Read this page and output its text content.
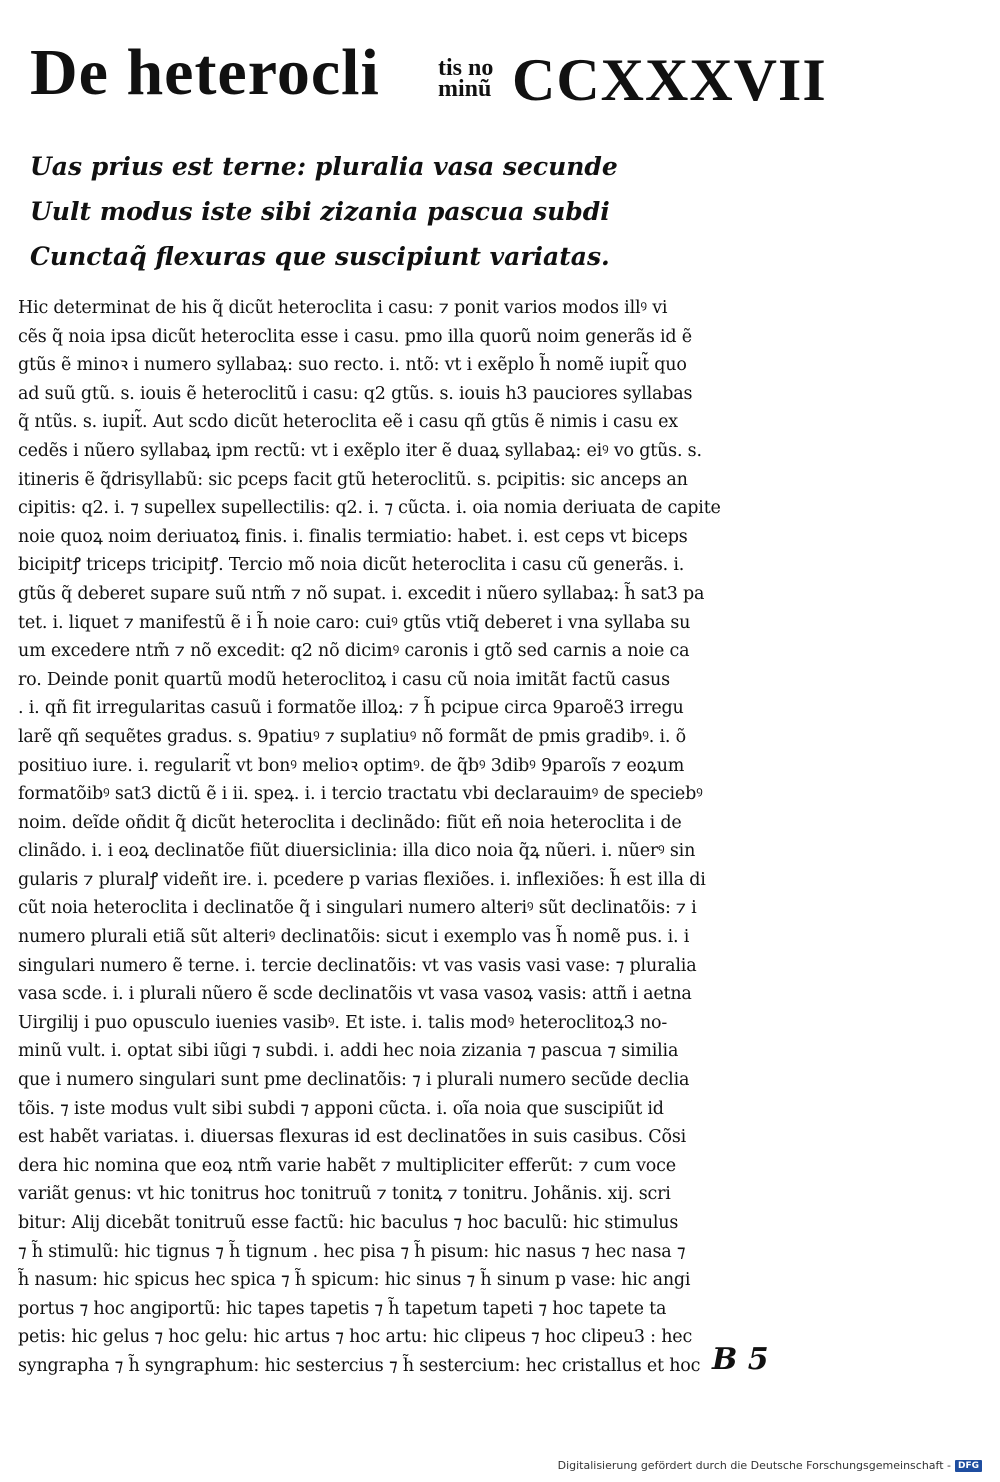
De heterocli tis no
minũ CCXXXVII
Uas prius est terne: pluralia vasa secunde
Uult modus iste sibi zizania pascua subdi
Cunctaq̃ flexuras que suscipiunt variatas.
Hic determinat de his q̃ dicũt heteroclita i casu: ⁊ ponit varios modos illꝰ vi
cẽs q̃ noia ipsa dicũt heteroclita esse i casu. pmo illa quorũ noim generãs id ẽ
gtũs ẽ minoꝛ i numero syllabaꝝ: suo recto. i. ntõ: vt i exẽplo h̃ nomẽ iupit̃ quo
ad suũ gtũ. s. iouis ẽ heteroclitũ i casu: q2 gtũs. s. iouis h3 pauciores syllabas
q̃ ntũs. s. iupit̃. Aut scdo dicũt heteroclita eẽ i casu qñ gtũs ẽ nimis i casu ex
cedẽs i nũero syllabaꝝ ipm rectũ: vt i exẽplo iter ẽ duaꝝ syllabaꝝ: eiꝰ vo gtũs. s.
itineris ẽ q̃drisyllabũ: sic pceps facit gtũ heteroclitũ. s. pcipitis: sic anceps an
cipitis: q2. i. ⁊ supellex supellectilis: q2. i. ⁊ cũcta. i. oia nomia deriuata de capite
noie quoꝝ noim deriuatoꝝ finis. i. finalis termiatio: habet. i. est ceps vt biceps
bicipitꝭ triceps tricipitꝭ. Tercio mõ noia dicũt heteroclita i casu cũ generãs. i.
gtũs q̃ deberet supare suũ ntm̃ ⁊ nõ supat. i. excedit i nũero syllabaꝝ: h̃ sat3 pa
tet. i. liquet ⁊ manifestũ ẽ i h̃ noie caro: cuiꝰ gtũs vtiq̃ deberet i vna syllaba su
um excedere ntm̃ ⁊ nõ excedit: q2 nõ dicimꝰ caronis i gtõ sed carnis a noie ca
ro. Deinde ponit quartũ modũ heteroclitoꝝ i casu cũ noia imitãt factũ casus
. i. qñ fit irregularitas casuũ i formatõe illoꝝ: ⁊ h̃ pcipue circa 9paroẽ3 irregu
larẽ qñ sequẽtes gradus. s. 9patiuꝰ ⁊ suplatiuꝰ nõ formãt de pmis gradibꝰ. i. õ
positiuo iure. i. regularit̃ vt bonꝰ melioꝛ optimꝰ. de q̃bꝰ 3dibꝰ 9paroĩs ⁊ eoꝝum
formatõibꝰ sat3 dictũ ẽ i ii. speꝝ. i. i tercio tractatu vbi declarauimꝰ de speciebꝰ
noim. deĩde oñdit q̃ dicũt heteroclita i declinãdo: fiũt eñ noia heteroclita i de
clinãdo. i. i eoꝝ declinatõe fiũt diuersiclinia: illa dico noia q̃ꝝ nũeri. i. nũerꝰ sin
gularis ⁊ pluralꝭ videñt ire. i. pcedere p varias flexiões. i. inflexiões: h̃ est illa di
cũt noia heteroclita i declinatõe q̃ i singulari numero alteriꝰ sũt declinatõis: ⁊ i
numero plurali etiã sũt alteriꝰ declinatõis: sicut i exemplo vas h̃ nomẽ pus. i. i
singulari numero ẽ terne. i. tercie declinatõis: vt vas vasis vasi vase: ⁊ pluralia
vasa scde. i. i plurali nũero ẽ scde declinatõis vt vasa vasoꝝ vasis: attñ i aetna
Uirgilij i puo opusculo iuenies vasibꝰ. Et iste. i. talis modꝰ heteroclitoꝝ3 no-
minũ vult. i. optat sibi iũgi ⁊ subdi. i. addi hec noia zizania ⁊ pascua ⁊ similia
que i numero singulari sunt pme declinatõis: ⁊ i plurali numero secũde declia
tõis. ⁊ iste modus vult sibi subdi ⁊ apponi cũcta. i. oĩa noia que suscipiũt id
est habẽt variatas. i. diuersas flexuras id est declinatões in suis casibus. Cõsi
dera hic nomina que eoꝝ ntm̃ varie habẽt ⁊ multipliciter efferũt: ⁊ cum voce
variãt genus: vt hic tonitrus hoc tonitruũ ⁊ tonitꝝ ⁊ tonitru. Johãnis. xij. scri
bitur: Alij dicebãt tonitruũ esse factũ: hic baculus ⁊ hoc baculũ: hic stimulus
⁊ h̃ stimulũ: hic tignus ⁊ h̃ tignum . hec pisa ⁊ h̃ pisum: hic nasus ⁊ hec nasa ⁊
h̃ nasum: hic spicus hec spica ⁊ h̃ spicum: hic sinus ⁊ h̃ sinum p vase: hic angi
portus ⁊ hoc angiportũ: hic tapes tapetis ⁊ h̃ tapetum tapeti ⁊ hoc tapete ta
petis: hic gelus ⁊ hoc gelu: hic artus ⁊ hoc artu: hic clipeus ⁊ hoc clipeu3 : hec
syngrapha ⁊ h̃ syngraphum: hic sestercius ⁊ h̃ sestercium: hec cristallus et hoc B 5
Digitalisierung gefördert durch die Deutsche Forschungsgemeinschaft - DFG
